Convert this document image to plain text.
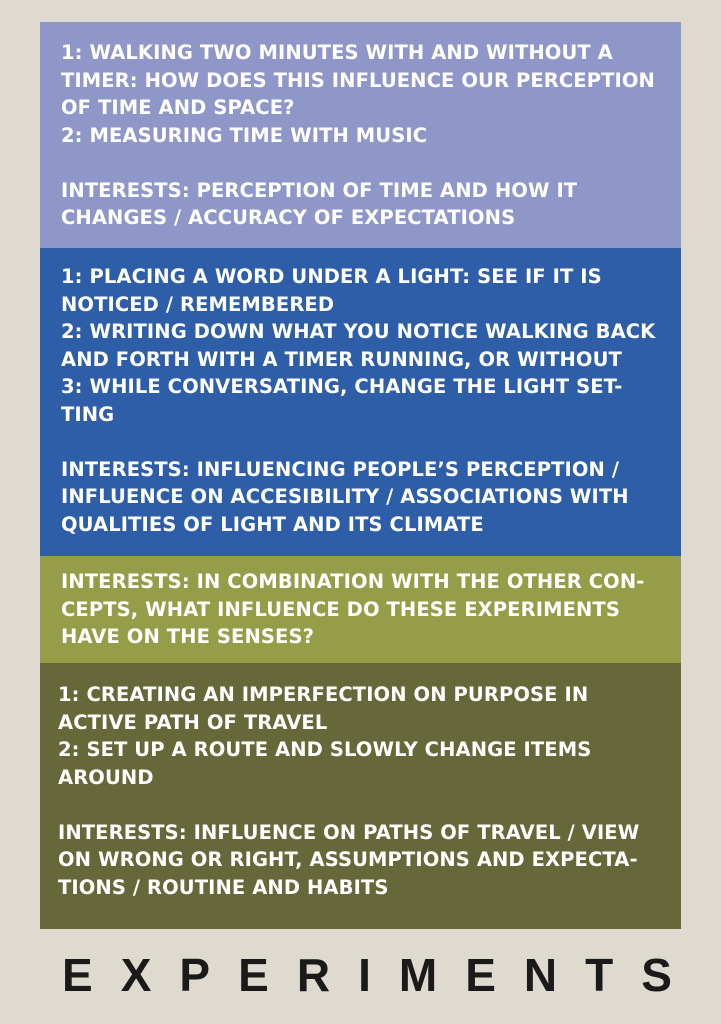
1: WALKING TWO MINUTES WITH AND WITHOUT A
TIMER: HOW DOES THIS INFLUENCE OUR PERCEPTION
OF TIME AND SPACE?
2: MEASURING TIME WITH MUSIC
INTERESTS: PERCEPTION OF TIME AND HOW IT
CHANGES / ACCURACY OF EXPECTATIONS
1: PLACING A WORD UNDER A LIGHT: SEE IF IT IS
NOTICED / REMEMBERED
2: WRITING DOWN WHAT YOU NOTICE WALKING BACK
AND FORTH WITH A TIMER RUNNING, OR WITHOUT
3: WHILE CONVERSATING, CHANGE THE LIGHT SET-
TING
INTERESTS: INFLUENCING PEOPLE’S PERCEPTION /
INFLUENCE ON ACCESIBILITY / ASSOCIATIONS WITH
QUALITIES OF LIGHT AND ITS CLIMATE
INTERESTS: IN COMBINATION WITH THE OTHER CON-
CEPTS, WHAT INFLUENCE DO THESE EXPERIMENTS
HAVE ON THE SENSES?
1: CREATING AN IMPERFECTION ON PURPOSE IN
ACTIVE PATH OF TRAVEL
2: SET UP A ROUTE AND SLOWLY CHANGE ITEMS
AROUND
INTERESTS: INFLUENCE ON PATHS OF TRAVEL / VIEW
ON WRONG OR RIGHT, ASSUMPTIONS AND EXPECTA-
TIONS / ROUTINE AND HABITS
E X P E R I M E N T S
